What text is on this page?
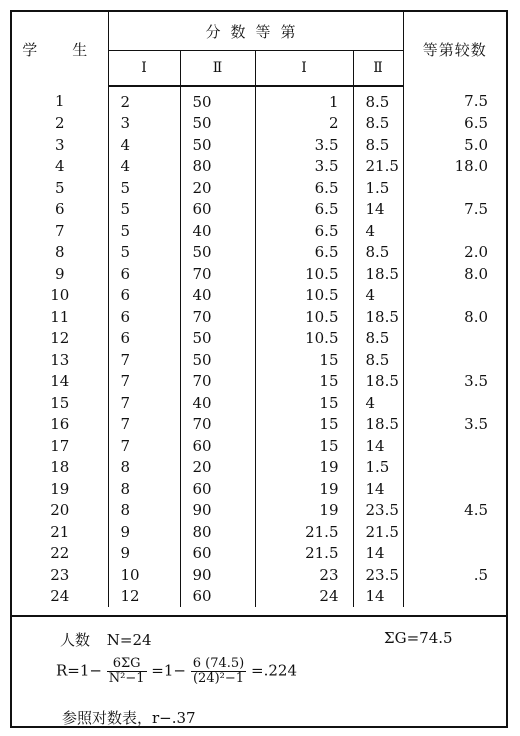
学　生	分数等第				等第较数
	Ⅰ	Ⅱ	Ⅰ	Ⅱ	
1	2	50	1	8.5	7.5
2	3	50	2	8.5	6.5
3	4	50	3.5	8.5	5.0
4	4	80	3.5	21.5	18.0
5	5	20	6.5	1.5	
6	5	60	6.5	14	7.5
7	5	40	6.5	4	
8	5	50	6.5	8.5	2.0
9	6	70	10.5	18.5	8.0
10	6	40	10.5	4	
11	6	70	10.5	18.5	8.0
12	6	50	10.5	8.5	
13	7	50	15	8.5	
14	7	70	15	18.5	3.5
15	7	40	15	4	
16	7	70	15	18.5	3.5
17	7	60	15	14	
18	8	20	19	1.5	
19	8	60	19	14	
20	8	90	19	23.5	4.5
21	9	80	21.5	21.5	
22	9	60	21.5	14	
23	10	90	23	23.5	.5
24	12	60	24	14	
人数 N=24	ΣG=74.5
$R=1- \frac{6\Sigma G}{\text{N²−1}} =1- \frac{6 (74.5)}{\text{(24)²−1}} =.224$
参照对数表，r−.37
